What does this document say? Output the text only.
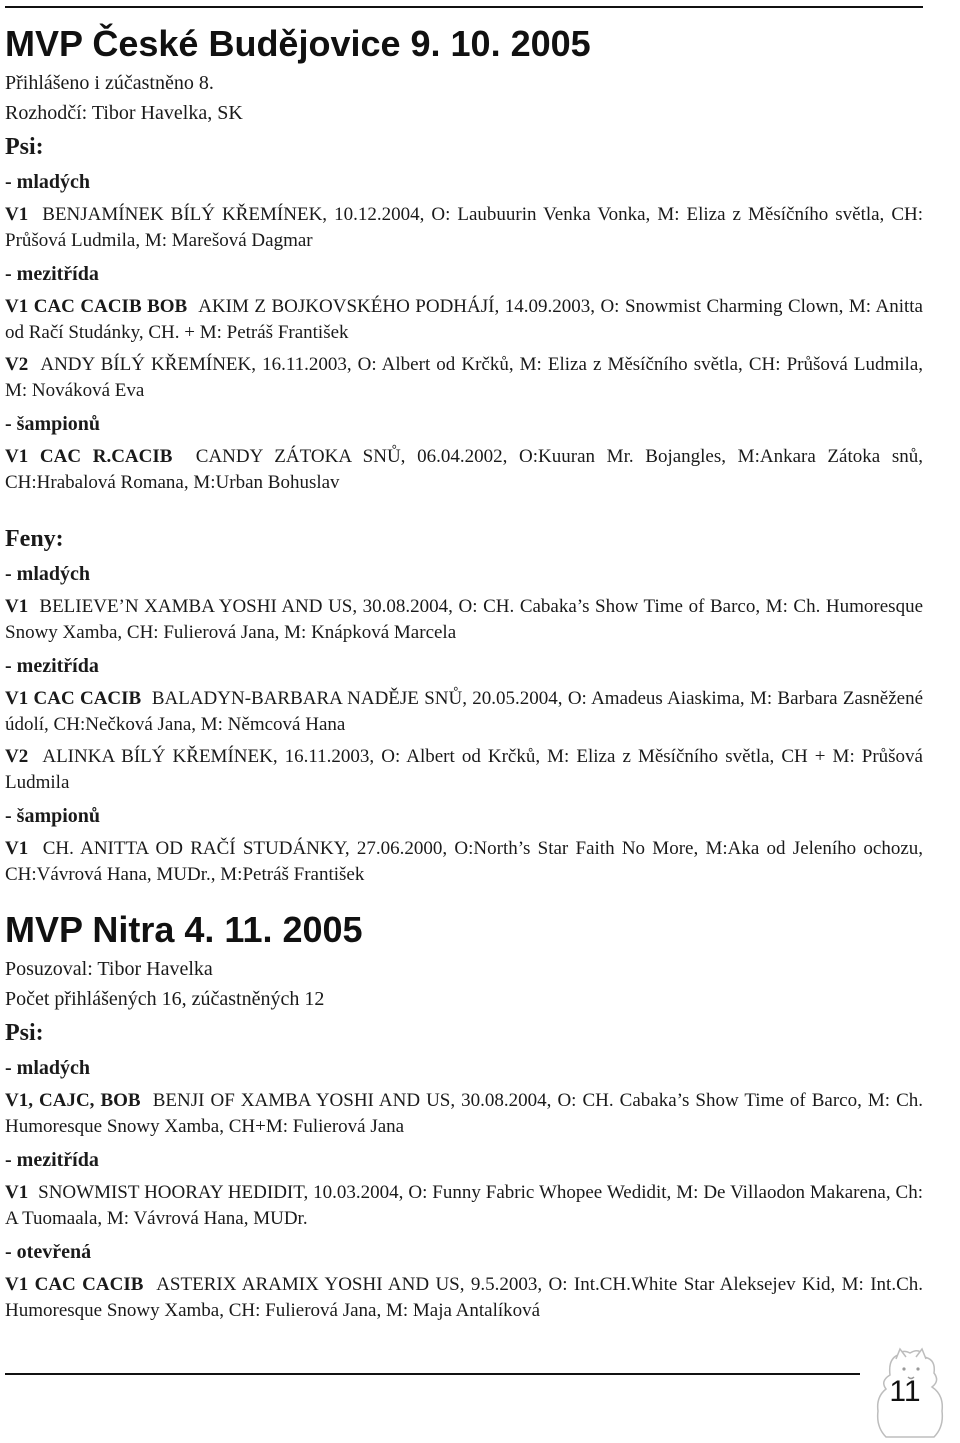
MVP České Budějovice 9. 10. 2005

Přihlášeno i zúčastněno 8.

Rozhodčí: Tibor Havelka, SK

Psi:
- mladých

V1 BENJAMÍNEK BÍLÝ KŘEMÍNEK, 10.12.2004, O: Laubuurin Venka Vonka, M: Eliza z Měsíčního světla, CH: Průšová Ludmila, M: Marešová Dagmar

- mezitřída

V1 CAC CACIB BOB AKIM Z BOJKOVSKÉHO PODHÁJÍ, 14.09.2003, O: Snowmist Charming Clown, M: Anitta od Račí Studánky, CH. + M: Petráš František

V2 ANDY BÍLÝ KŘEMÍNEK, 16.11.2003, O: Albert od Krčků, M: Eliza z Měsíčního světla, CH: Průšová Ludmila, M: Nováková Eva

- šampionů

V1 CAC R.CACIB CANDY ZÁTOKA SNŮ, 06.04.2002, O:Kuuran Mr. Bojangles, M:Ankara Zátoka snů, CH:Hrabalová Romana, M:Urban Bohuslav

Feny:
- mladých

V1 BELIEVE’N XAMBA YOSHI AND US, 30.08.2004, O: CH. Cabaka’s Show Time of Barco, M: Ch. Humoresque Snowy Xamba, CH: Fulierová Jana, M: Knápková Marcela

- mezitřída

V1 CAC CACIB BALADYN-BARBARA NADĚJE SNŮ, 20.05.2004, O: Amadeus Aiaskima, M: Barbara Zasněžené údolí, CH:Nečková Jana, M: Němcová Hana

V2 ALINKA BÍLÝ KŘEMÍNEK, 16.11.2003, O: Albert od Krčků, M: Eliza z Měsíčního světla, CH + M: Průšová Ludmila

- šampionů

V1 CH. ANITTA OD RAČÍ STUDÁNKY, 27.06.2000, O:North’s Star Faith No More, M:Aka od Jeleního ochozu, CH:Vávrová Hana, MUDr., M:Petráš František

MVP Nitra 4. 11. 2005

Posuzoval: Tibor Havelka

Počet přihlášených 16, zúčastněných 12

Psi:
- mladých

V1, CAJC, BOB BENJI OF XAMBA YOSHI AND US, 30.08.2004, O: CH. Cabaka’s Show Time of Barco, M: Ch. Humoresque Snowy Xamba, CH+M: Fulierová Jana

- mezitřída

V1 SNOWMIST HOORAY HEDIDIT, 10.03.2004, O: Funny Fabric Whopee Wedidit, M: De Villaodon Makarena, Ch: A Tuomaala, M: Vávrová Hana, MUDr.

- otevřená

V1 CAC CACIB ASTERIX ARAMIX YOSHI AND US, 9.5.2003, O: Int.CH.White Star Aleksejev Kid, M: Int.Ch. Humoresque Snowy Xamba, CH: Fulierová Jana, M: Maja Antalíková

11
